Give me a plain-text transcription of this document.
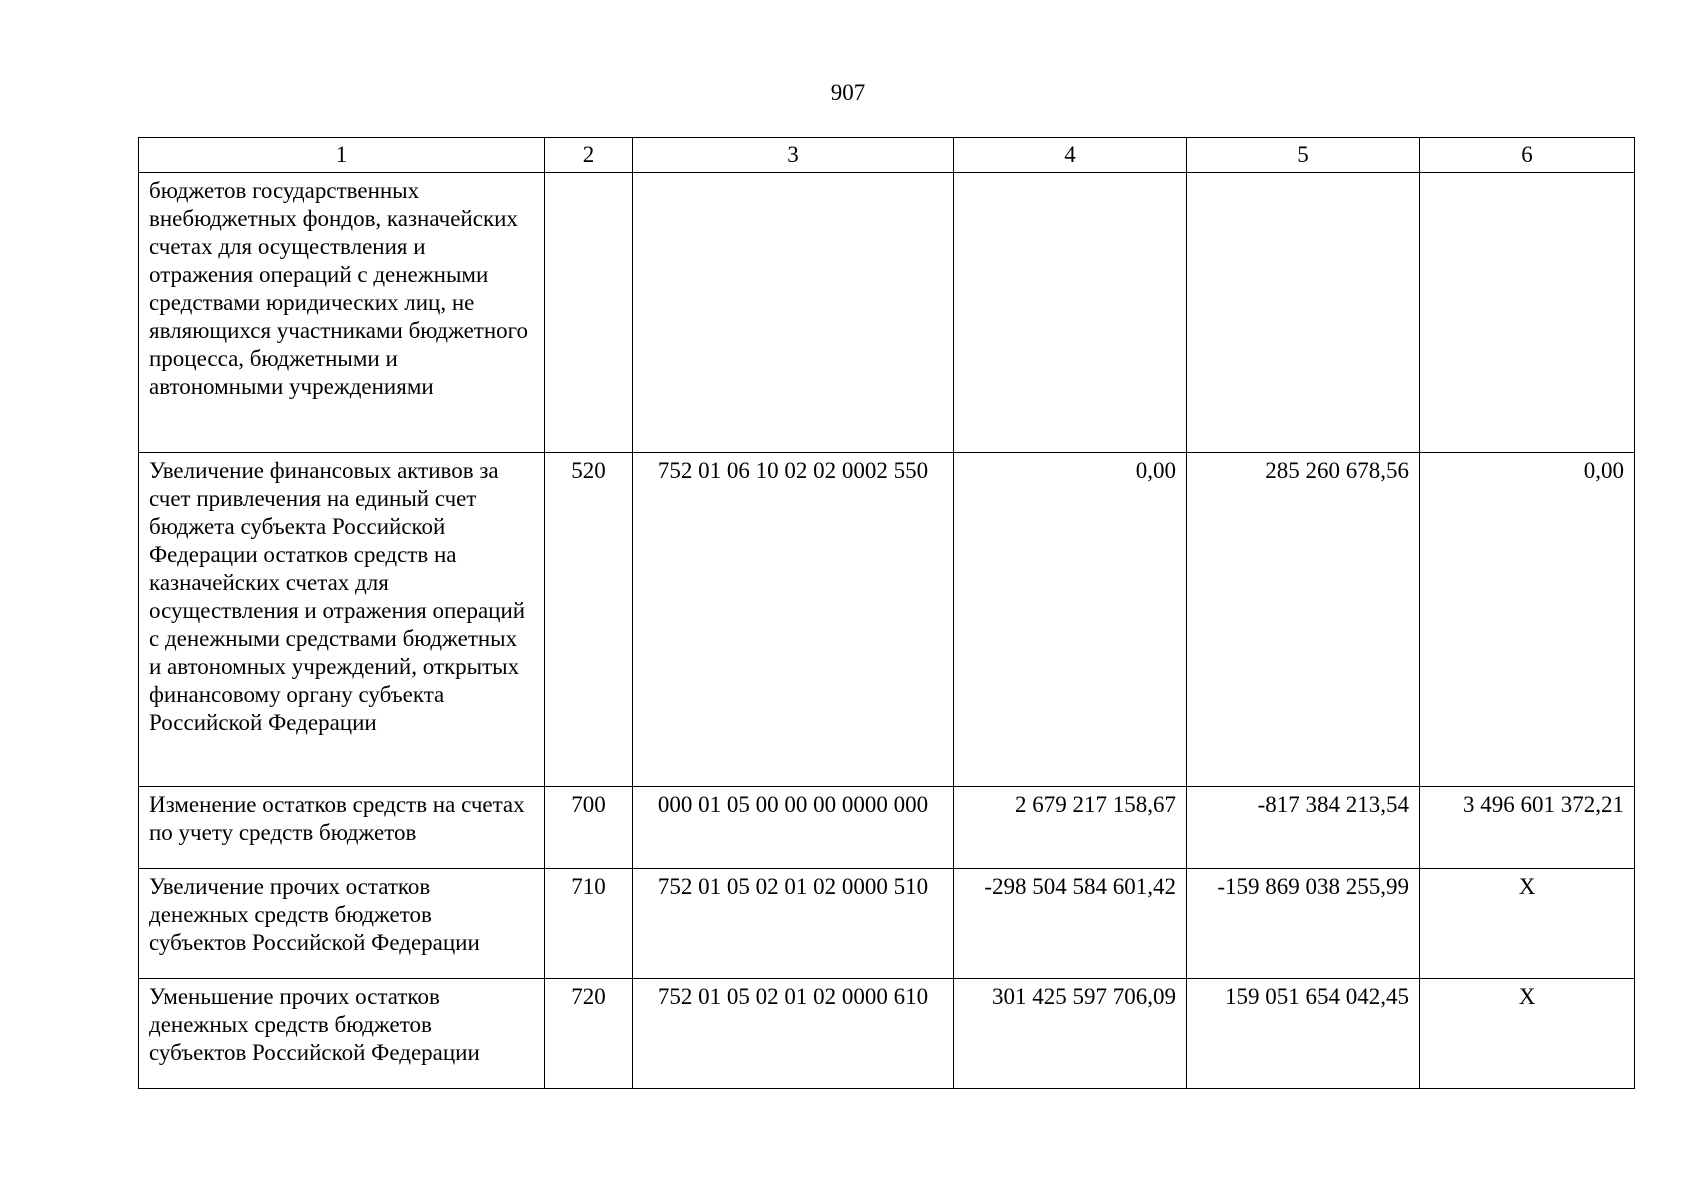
907
1	2	3	4	5	6
бюджетов государственных внебюджетных фондов, казначейских счетах для осуществления и отражения операций с денежными средствами юридических лиц, не являющихся участниками бюджетного процесса, бюджетными и автономными учреждениями					
Увеличение финансовых активов за счет привлечения на единый счет бюджета субъекта Российской Федерации остатков средств на казначейских счетах для осуществления и отражения операций с денежными средствами бюджетных и автономных учреждений, открытых финансовому органу субъекта Российской Федерации	520	752 01 06 10 02 02 0002 550	0,00	285 260 678,56	0,00
Изменение остатков средств на счетах по учету средств бюджетов	700	000 01 05 00 00 00 0000 000	2 679 217 158,67	-817 384 213,54	3 496 601 372,21
Увеличение прочих остатков денежных средств бюджетов субъектов Российской Федерации	710	752 01 05 02 01 02 0000 510	-298 504 584 601,42	-159 869 038 255,99	Х
Уменьшение прочих остатков денежных средств бюджетов субъектов Российской Федерации	720	752 01 05 02 01 02 0000 610	301 425 597 706,09	159 051 654 042,45	Х
